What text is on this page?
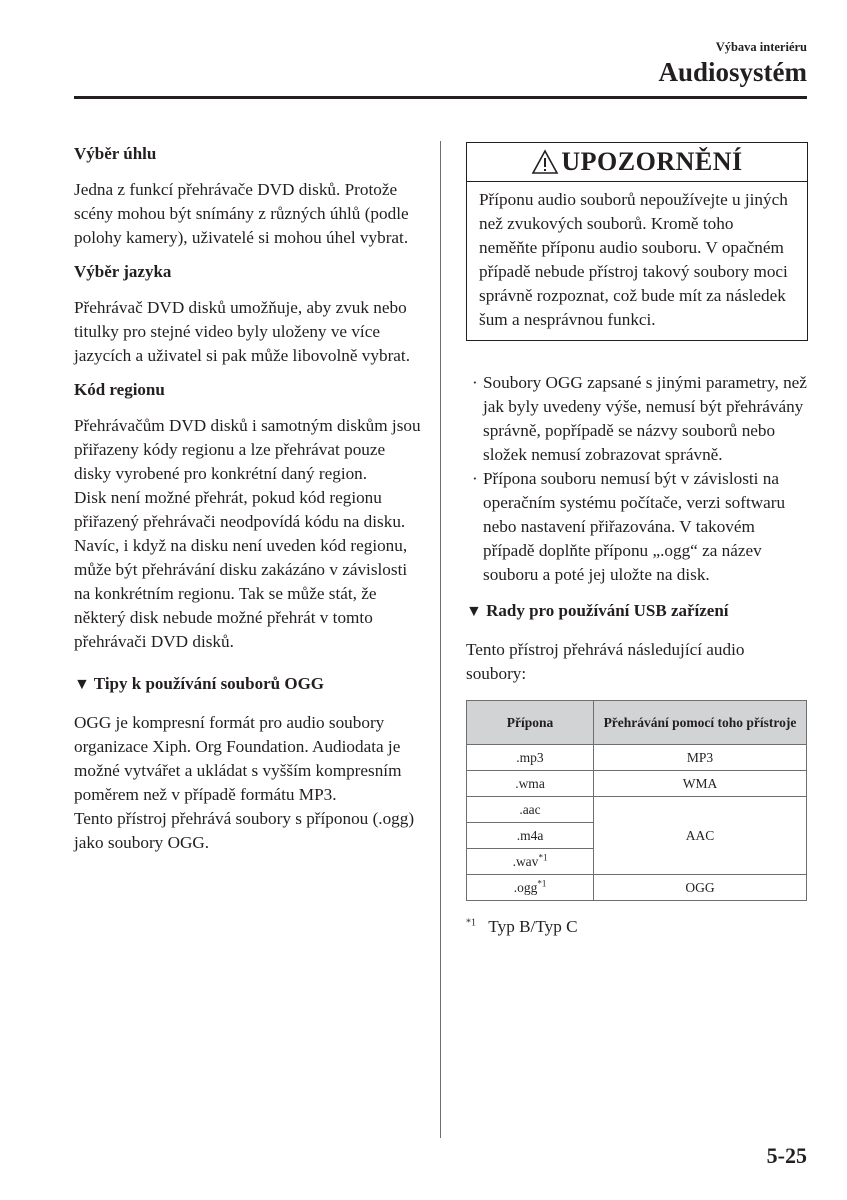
Výbava interiéru
Audiosystém
Výběr úhlu

Jedna z funkcí přehrávače DVD disků. Protože scény mohou být snímány z různých úhlů (podle polohy kamery), uživatelé si mohou úhel vybrat.

Výběr jazyka

Přehrávač DVD disků umožňuje, aby zvuk nebo titulky pro stejné video byly uloženy ve více jazycích a uživatel si pak může libovolně vybrat.

Kód regionu

Přehrávačům DVD disků i samotným diskům jsou přiřazeny kódy regionu a lze přehrávat pouze disky vyrobené pro konkrétní daný region.

Disk není možné přehrát, pokud kód regionu přiřazený přehrávači neodpovídá kódu na disku.

Navíc, i když na disku není uveden kód regionu, může být přehrávání disku zakázáno v závislosti na konkrétním regionu. Tak se může stát, že některý disk nebude možné přehrát v tomto přehrávači DVD disků.

▼ Tipy k používání souborů OGG

OGG je kompresní formát pro audio soubory organizace Xiph. Org Foundation. Audiodata je možné vytvářet a ukládat s vyšším kompresním poměrem než v případě formátu MP3.

Tento přístroj přehrává soubory s příponou (.ogg) jako soubory OGG.

UPOZORNĚNÍ
Příponu audio souborů nepoužívejte u jiných než zvukových souborů. Kromě toho neměňte příponu audio souboru. V opačném případě nebude přístroj takový soubory moci správně rozpoznat, což bude mít za následek šum a nesprávnou funkci.
· Soubory OGG zapsané s jinými parametry, než jak byly uvedeny výše, nemusí být přehrávány správně, popřípadě se názvy souborů nebo složek nemusí zobrazovat správně.
· Přípona souboru nemusí být v závislosti na operačním systému počítače, verzi softwaru nebo nastavení přiřazována. V takovém případě doplňte příponu „.ogg“ za název souboru a poté jej uložte na disk.
▼ Rady pro používání USB zařízení

Tento přístroj přehrává následující audio soubory:

Přípona	Přehrávání pomocí toho přístroje
.mp3	MP3
.wma	WMA
.aac	AAC
.m4a	
.wav$^{*1}$
.ogg$^{*1}$	OGG
$^{*1}$ Typ B/Typ C
5-25
